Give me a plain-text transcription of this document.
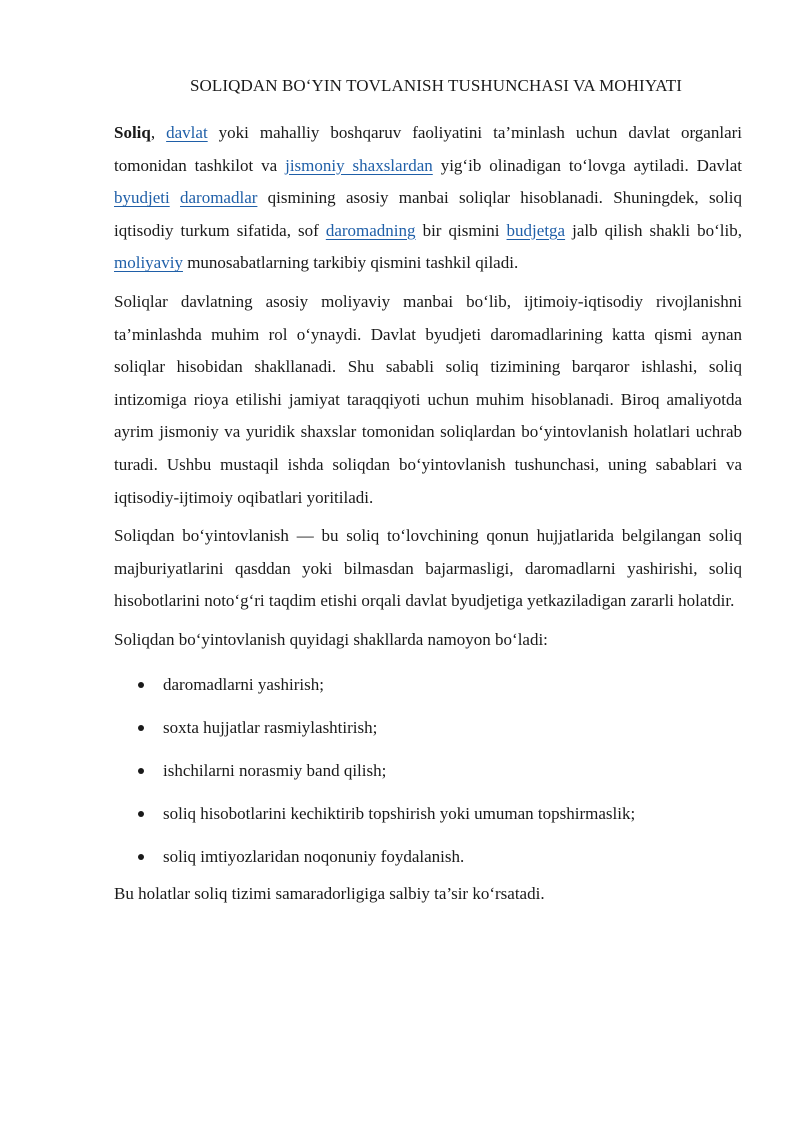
SOLIQDAN BO‘YIN TOVLANISH TUSHUNCHASI VA MOHIYATI

Soliq, davlat yoki mahalliy boshqaruv faoliyatini ta’minlash uchun davlat organlari tomonidan tashkilot va jismoniy shaxslardan yig‘ib olinadigan to‘lovga aytiladi. Davlat byudjeti daromadlar qismining asosiy manbai soliqlar hisoblanadi. Shuningdek, soliq iqtisodiy turkum sifatida, sof daromadning bir qismini budjetga jalb qilish shakli bo‘lib, moliyaviy munosabatlarning tarkibiy qismini tashkil qiladi.

Soliqlar davlatning asosiy moliyaviy manbai bo‘lib, ijtimoiy-iqtisodiy rivojlanishni ta’minlashda muhim rol o‘ynaydi. Davlat byudjeti daromadlarining katta qismi aynan soliqlar hisobidan shakllanadi. Shu sababli soliq tizimining barqaror ishlashi, soliq intizomiga rioya etilishi jamiyat taraqqiyoti uchun muhim hisoblanadi. Biroq amaliyotda ayrim jismoniy va yuridik shaxslar tomonidan soliqlardan bo‘yintovlanish holatlari uchrab turadi. Ushbu mustaqil ishda soliqdan bo‘yintovlanish tushunchasi, uning sabablari va iqtisodiy-ijtimoiy oqibatlari yoritiladi.

Soliqdan bo‘yintovlanish — bu soliq to‘lovchining qonun hujjatlarida belgilangan soliq majburiyatlarini qasddan yoki bilmasdan bajarmasligi, daromadlarni yashirishi, soliq hisobotlarini noto‘g‘ri taqdim etishi orqali davlat byudjetiga yetkaziladigan zararli holatdir.

Soliqdan bo‘yintovlanish quyidagi shakllarda namoyon bo‘ladi:

daromadlarni yashirish;
soxta hujjatlar rasmiylashtirish;
ishchilarni norasmiy band qilish;
soliq hisobotlarini kechiktirib topshirish yoki umuman topshirmaslik;
soliq imtiyozlaridan noqonuniy foydalanish.

Bu holatlar soliq tizimi samaradorligiga salbiy ta’sir ko‘rsatadi.
